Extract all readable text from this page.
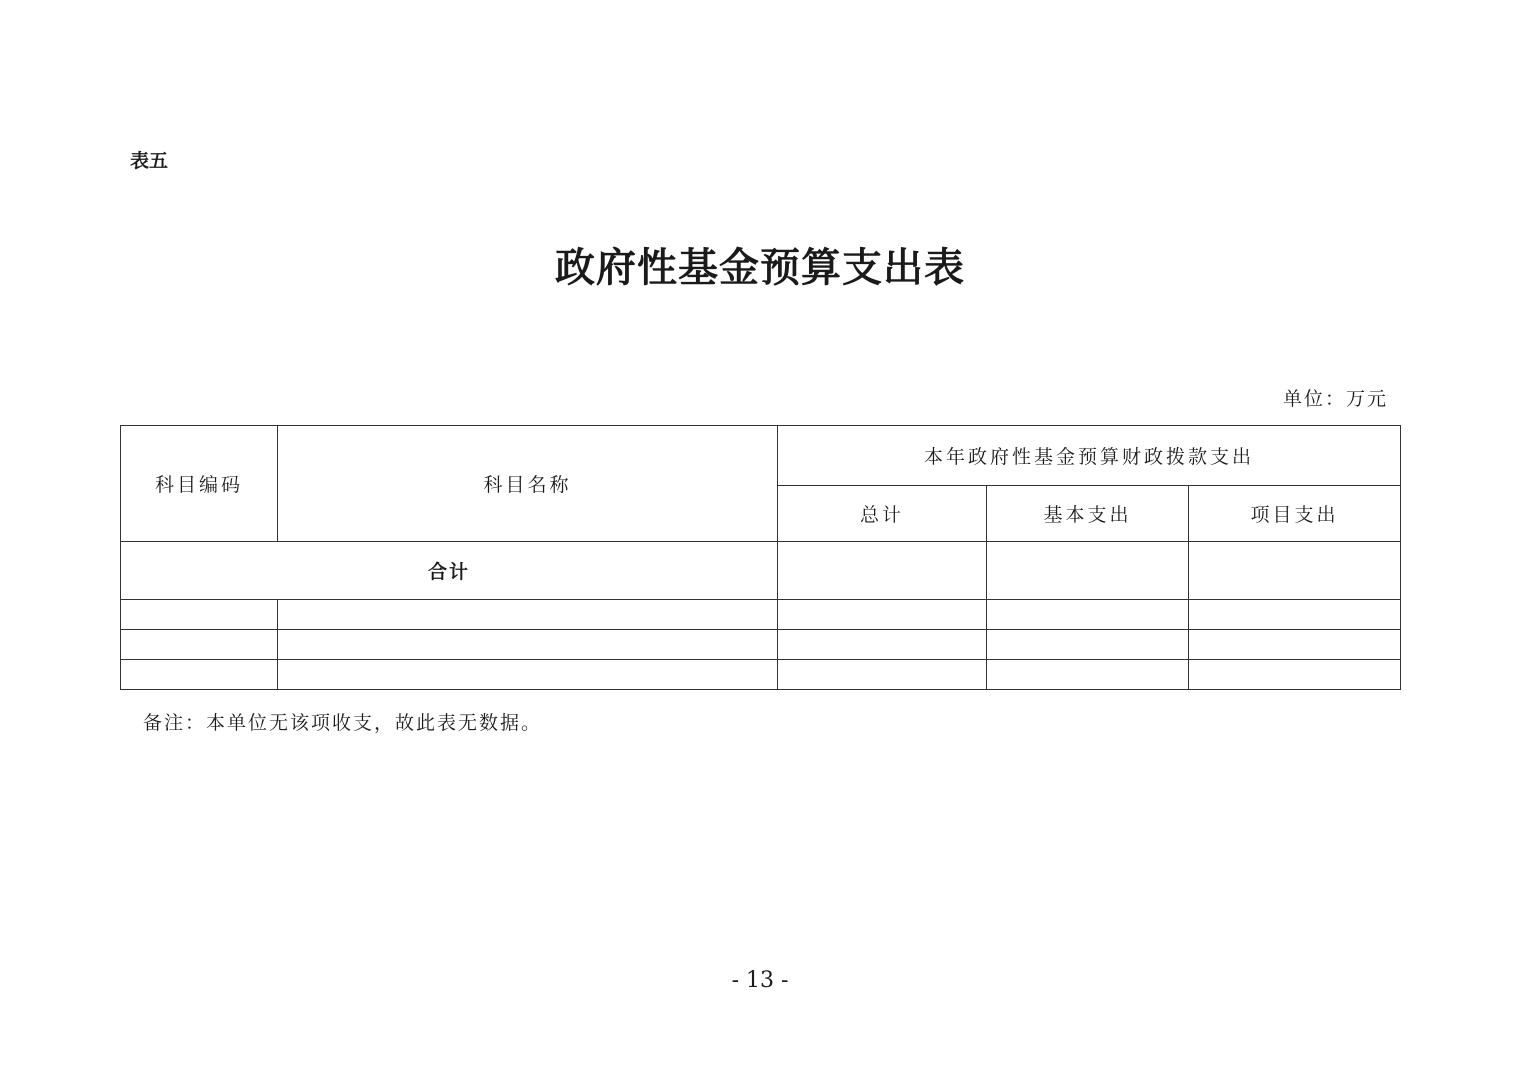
表五
政府性基金预算支出表
单位：万元
科目编码	科目名称	本年政府性基金预算财政拨款支出		
		总计	基本支出	项目支出
合计				

备注：本单位无该项收支，故此表无数据。
- 13 -
